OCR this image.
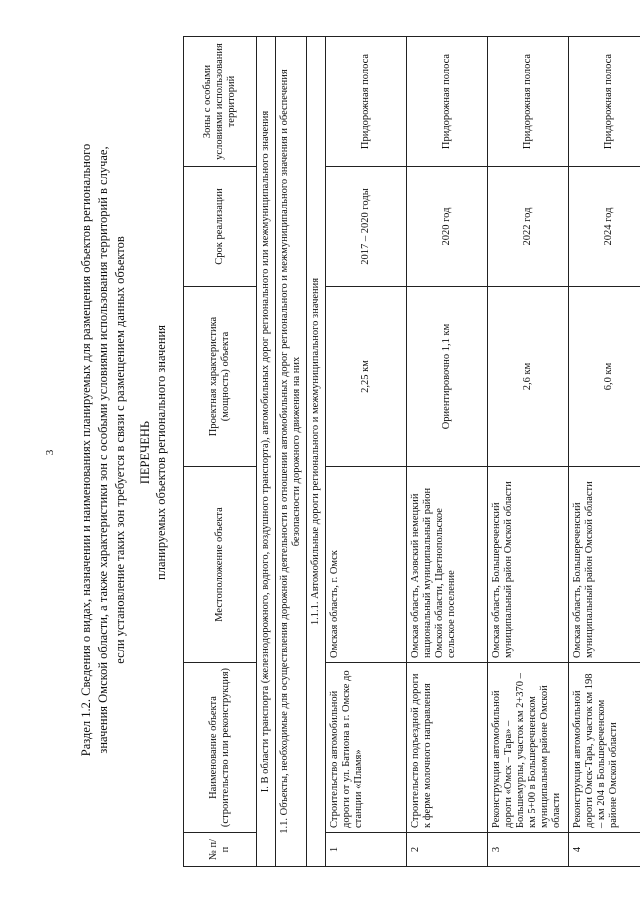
3 Раздел 1.2. Сведения о видах, назначении и наименованиях планируемых для размещения объектов регионального значения Омской области, а также характеристики зон с особыми условиями использования территорий в случае, если установление таких зон требуется в связи с размещением данных объектов ПЕРЕЧЕНЬ планируемых объектов регионального значения
№ п/п	Наименование объекта (строительство или реконструкция)	Местоположение объекта	Проектная характеристика (мощность) объекта	Срок реализации	Зоны с особыми условиями использования территорий
I. В области транспорта (железнодорожного, водного, воздушного транспорта), автомобильных дорог регионального или межмуниципального значения					
1.1. Объекты, необходимые для осуществления дорожной деятельности в отношении автомобильных дорог регионального и межмуниципального значения и обеспечения безопасности дорожного движения на них					
1.1.1. Автомобильные дороги регионального и межмуниципального значения					
1	Строительство автомобильной дороги от ул. Батиона в г. Омске до станции «Пламя»	Омская область, г. Омск	2,25 км	2017 – 2020 годы	Придорожная полоса
2	Строительство подъездной дороги к ферме молочного направления	Омская область, Азовский немецкий национальный муниципальный район Омской области, Цветнопольское сельское поселение	Ориентировочно 1,1 км	2020 год	Придорожная полоса
3	Реконструкция автомобильной дороги «Омск – Тара» – Большемурлы, участок км 2+370 – км 5+00 в Большеречненском муниципальном районе Омской области	Омская область, Большереченский муниципальный район Омской области	2,6 км	2022 год	Придорожная полоса
4	Реконструкция автомобильной дороги Омск-Тара, участок км 198 – км 204 в Большереченском районе Омской области	Омская область, Большереченский муниципальный район Омской области	6,0 км	2024 год	Придорожная полоса
